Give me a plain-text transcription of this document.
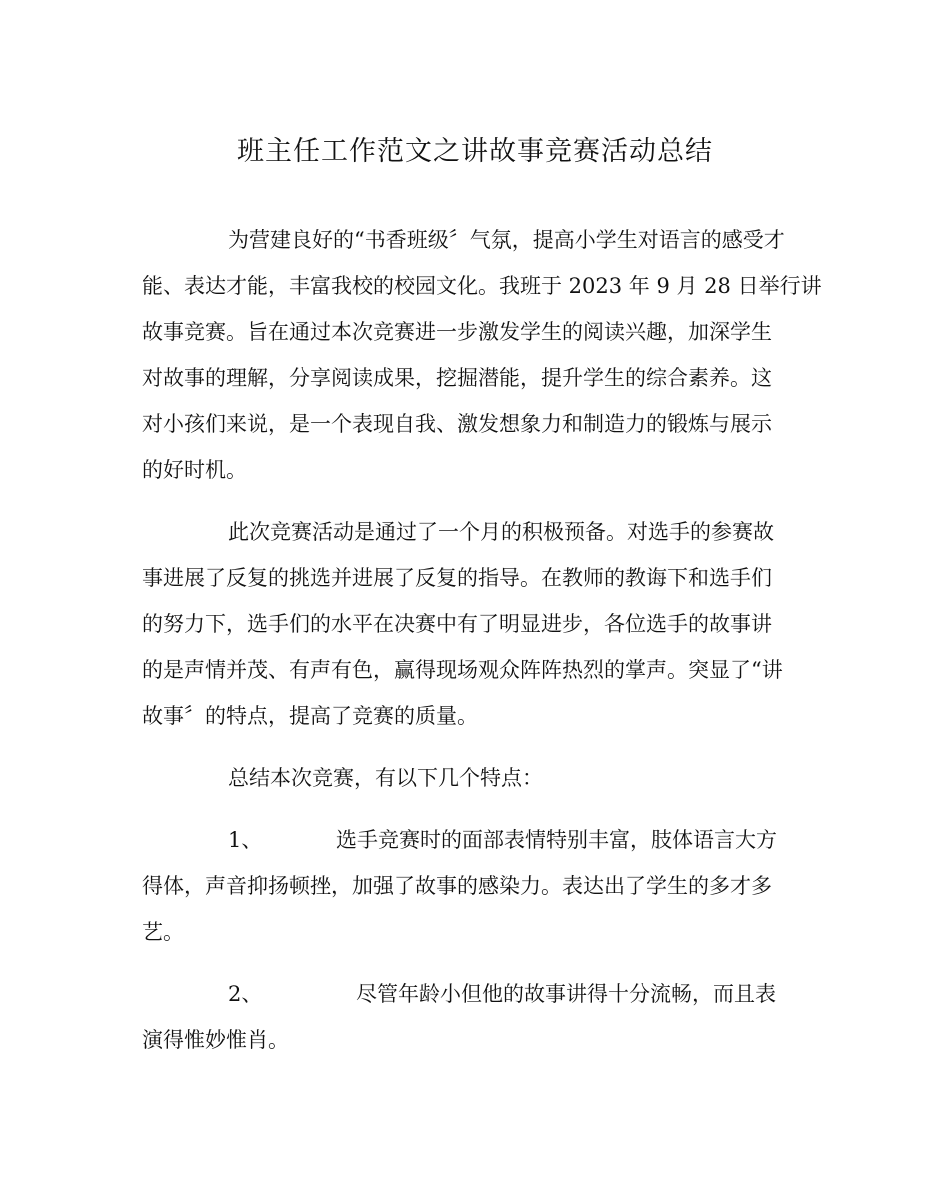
班主任工作范文之讲故事竞赛活动总结
为营建良好的“书香班级〞气氛，提高小学生对语言的感受才
能、表达才能，丰富我校的校园文化。我班于 2023 年 9 月 28 日举行讲
故事竞赛。旨在通过本次竞赛进一步激发学生的阅读兴趣，加深学生
对故事的理解，分享阅读成果，挖掘潜能，提升学生的综合素养。这
对小孩们来说，是一个表现自我、激发想象力和制造力的锻炼与展示
的好时机。
此次竞赛活动是通过了一个月的积极预备。对选手的参赛故
事进展了反复的挑选并进展了反复的指导。在教师的教诲下和选手们
的努力下，选手们的水平在决赛中有了明显进步，各位选手的故事讲
的是声情并茂、有声有色，赢得现场观众阵阵热烈的掌声。突显了“讲
故事〞的特点，提高了竞赛的质量。
总结本次竞赛，有以下几个特点：
1、	选手竞赛时的面部表情特别丰富，肢体语言大方
得体，声音抑扬顿挫，加强了故事的感染力。表达出了学生的多才多
艺。
2、	尽管年龄小但他的故事讲得十分流畅，而且表
演得惟妙惟肖。
